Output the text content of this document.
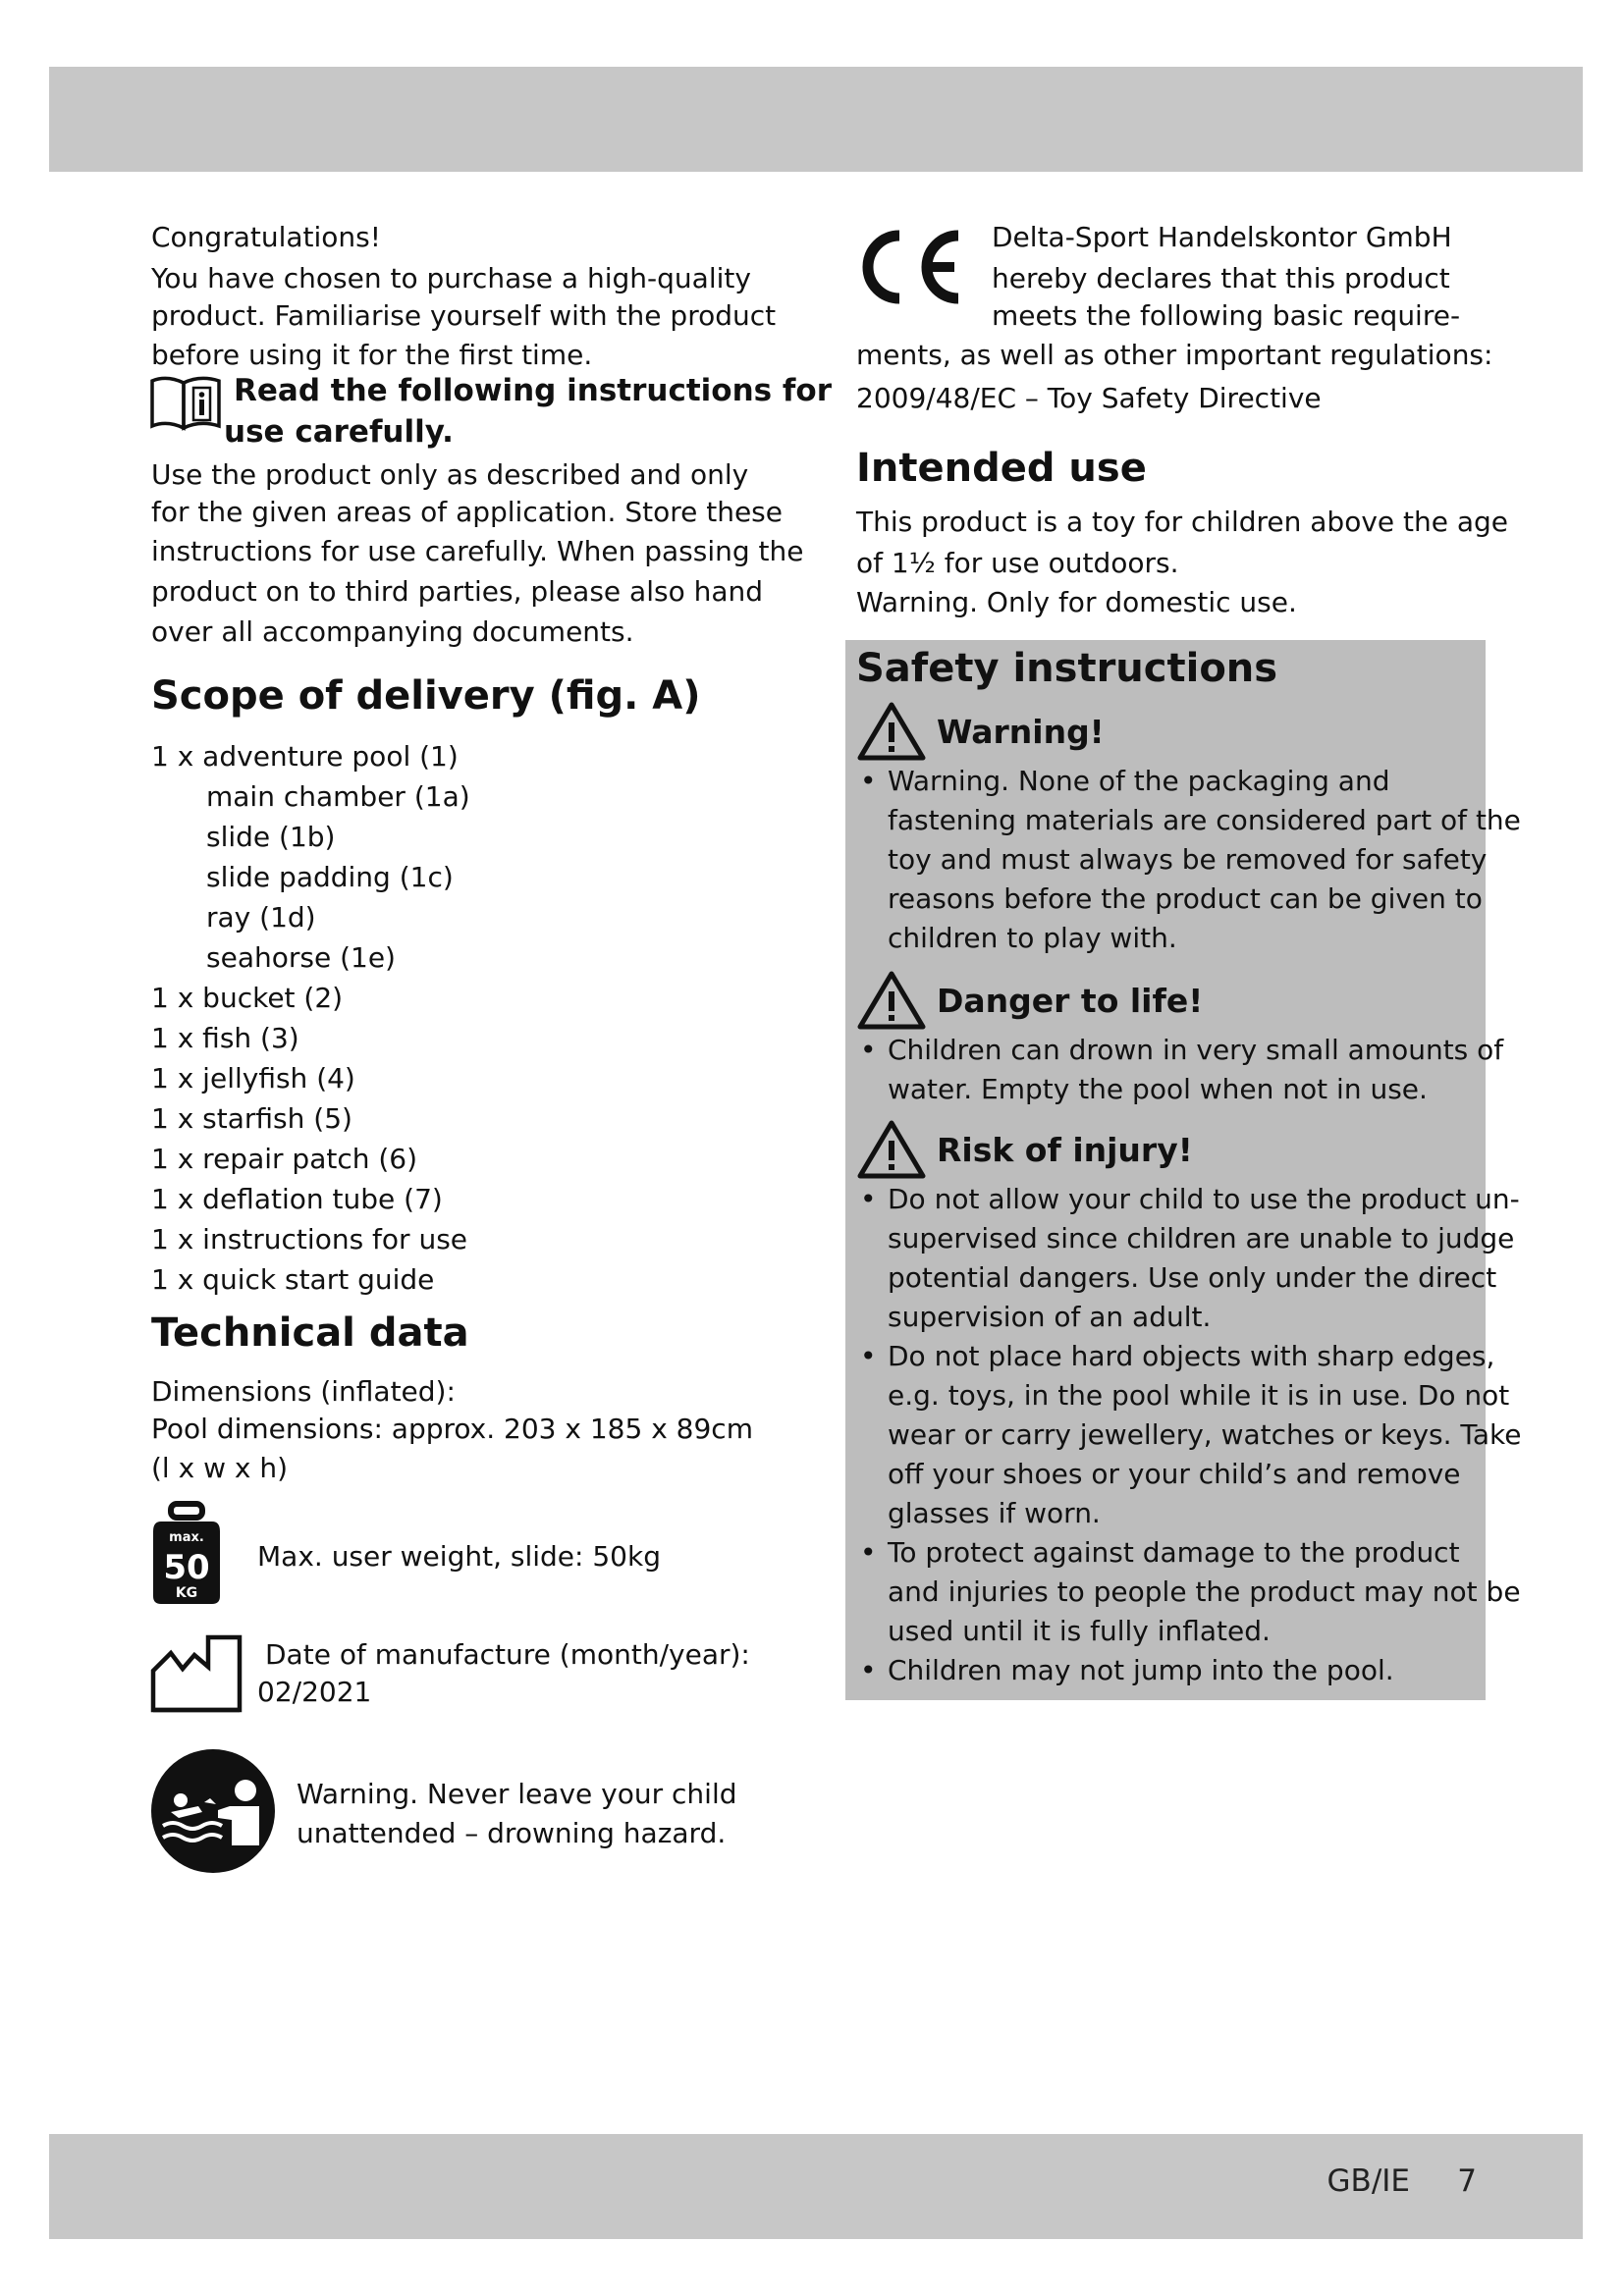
Congratulations!
You have chosen to purchase a high-quality
product. Familiarise yourself with the product
before using it for the first time.
Read the following instructions for
use carefully.
Use the product only as described and only
for the given areas of application. Store these
instructions for use carefully. When passing the
product on to third parties, please also hand
over all accompanying documents.
Scope of delivery (fig. A)
1 x adventure pool (1)
main chamber (1a)
slide (1b)
slide padding (1c)
ray (1d)
seahorse (1e)
1 x bucket (2)
1 x fish (3)
1 x jellyfish (4)
1 x starfish (5)
1 x repair patch (6)
1 x deflation tube (7)
1 x instructions for use
1 x quick start guide
Technical data
Dimensions (inflated):
Pool dimensions: approx. 203 x 185 x 89cm
(l x w x h)
max.
50
KG
Max. user weight, slide: 50kg
Date of manufacture (month/year):
02/2021
Warning. Never leave your child
unattended – drowning hazard.
Delta-Sport Handelskontor GmbH
hereby declares that this product
meets the following basic require-
ments, as well as other important regulations:
2009/48/EC – Toy Safety Directive
Intended use
This product is a toy for children above the age
of 1½ for use outdoors.
Warning. Only for domestic use.
Safety instructions
Warning!
• Warning. None of the packaging and
fastening materials are considered part of the
toy and must always be removed for safety
reasons before the product can be given to
children to play with.
Danger to life!
• Children can drown in very small amounts of
water. Empty the pool when not in use.
Risk of injury!
• Do not allow your child to use the product un-
supervised since children are unable to judge
potential dangers. Use only under the direct
supervision of an adult.
• Do not place hard objects with sharp edges,
e.g. toys, in the pool while it is in use. Do not
wear or carry jewellery, watches or keys. Take
off your shoes or your child’s and remove
glasses if worn.
• To protect against damage to the product
and injuries to people the product may not be
used until it is fully inflated.
• Children may not jump into the pool.
GB/IE 7
